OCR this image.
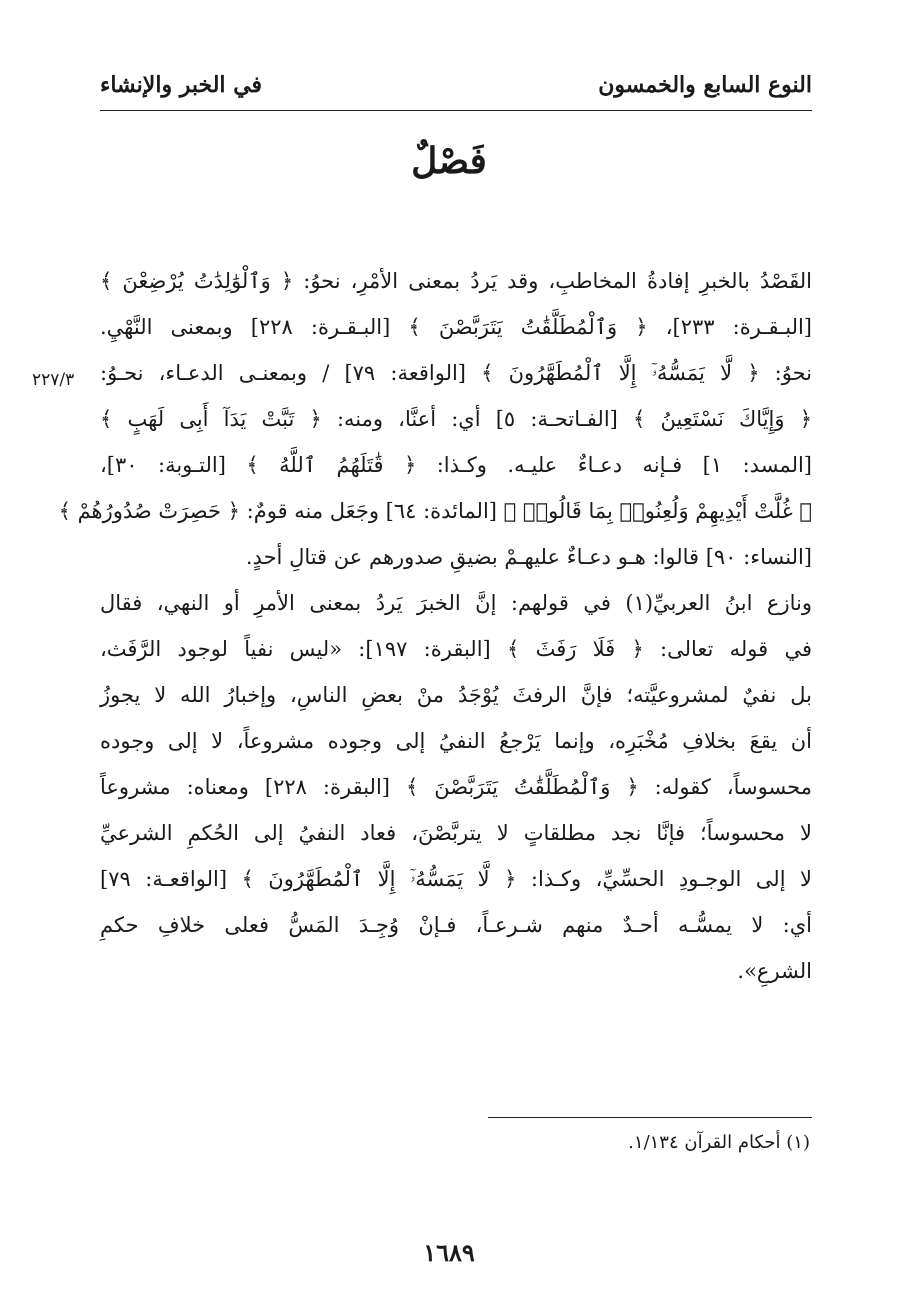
النوع السابع والخمسون
في الخبر والإنشاء
فَصْلٌ
٢٢٧/٣
القَصْدُ بالخبرِ إفادةُ المخاطبِ، وقد يَردُ بمعنى الأمْرِ، نحوُ: ﴿ وَٱلْوَٰلِدَٰتُ يُرْضِعْنَ ﴾
[البـقـرة: ٢٣٣]، ﴿ وَٱلْمُطَلَّقَٰتُ يَتَرَبَّصْنَ ﴾ [البـقـرة: ٢٢٨] وبمعنى النَّهْيِ.
نحوُ: ﴿ لَّا يَمَسُّهُۥٓ إِلَّا ٱلْمُطَهَّرُونَ ﴾ [الواقعة: ٧٩] / وبمعنـى الدعـاء، نحـوُ:
﴿ وَإِيَّاكَ نَسْتَعِينُ ﴾ [الفـاتحـة: ٥] أي: أعنَّا، ومنه: ﴿ تَبَّتْ يَدَآ أَبِى لَهَبٍ ﴾
[المسد: ١] فـإنه دعـاءٌ عليـه. وكـذا: ﴿ قَٰتَلَهُمُ ٱللَّهُ ﴾ [التـوبة: ٣٠]،
﴿ غُلَّتْ أَيْدِيهِمْ وَلُعِنُوا۟ بِمَا قَالُوا۟ ﴾ [المائدة: ٦٤] وجَعَل منه قومٌ: ﴿ حَصِرَتْ صُدُورُهُمْ ﴾
[النساء: ٩٠] قالوا: هـو دعـاءٌ عليهـمْ بضيقِ صدورهم عن قتالِ أحدٍ.
ونازع ابنُ العربيِّ(١) في قولهم: إنَّ الخبرَ يَردُ بمعنى الأمرِ أو النهي، فقال
في قوله تعالى: ﴿ فَلَا رَفَثَ ﴾ [البقرة: ١٩٧]: «ليس نفياً لوجود الرَّفَث،
بل نفيٌ لمشروعيَّته؛ فإنَّ الرفثَ يُوْجَدُ منْ بعضِ الناسِ، وإخبارُ الله لا يجوزُ
أن يقعَ بخلافِ مُخْبَرِه، وإنما يَرْجعُ النفيُ إلى وجوده مشروعاً، لا إلى وجوده
محسوساً، كقوله: ﴿ وَٱلْمُطَلَّقَٰتُ يَتَرَبَّصْنَ ﴾ [البقرة: ٢٢٨] ومعناه: مشروعاً
لا محسوساً؛ فإنَّا نجد مطلقاتٍ لا يتربَّصْنَ، فعاد النفيُ إلى الحُكمِ الشرعيِّ
لا إلى الوجـودِ الحسِّيِّ، وكـذا: ﴿ لَّا يَمَسُّهُۥٓ إِلَّا ٱلْمُطَهَّرُونَ ﴾ [الواقعـة: ٧٩]
أي: لا يمسُّـه أحـدٌ منهم شـرعـاً، فـإنْ وُجِـدَ المَسُّ فعلى خلافِ حكمِ
الشرعِ».
(١) أحكام القرآن ١/١٣٤.
١٦٨٩
